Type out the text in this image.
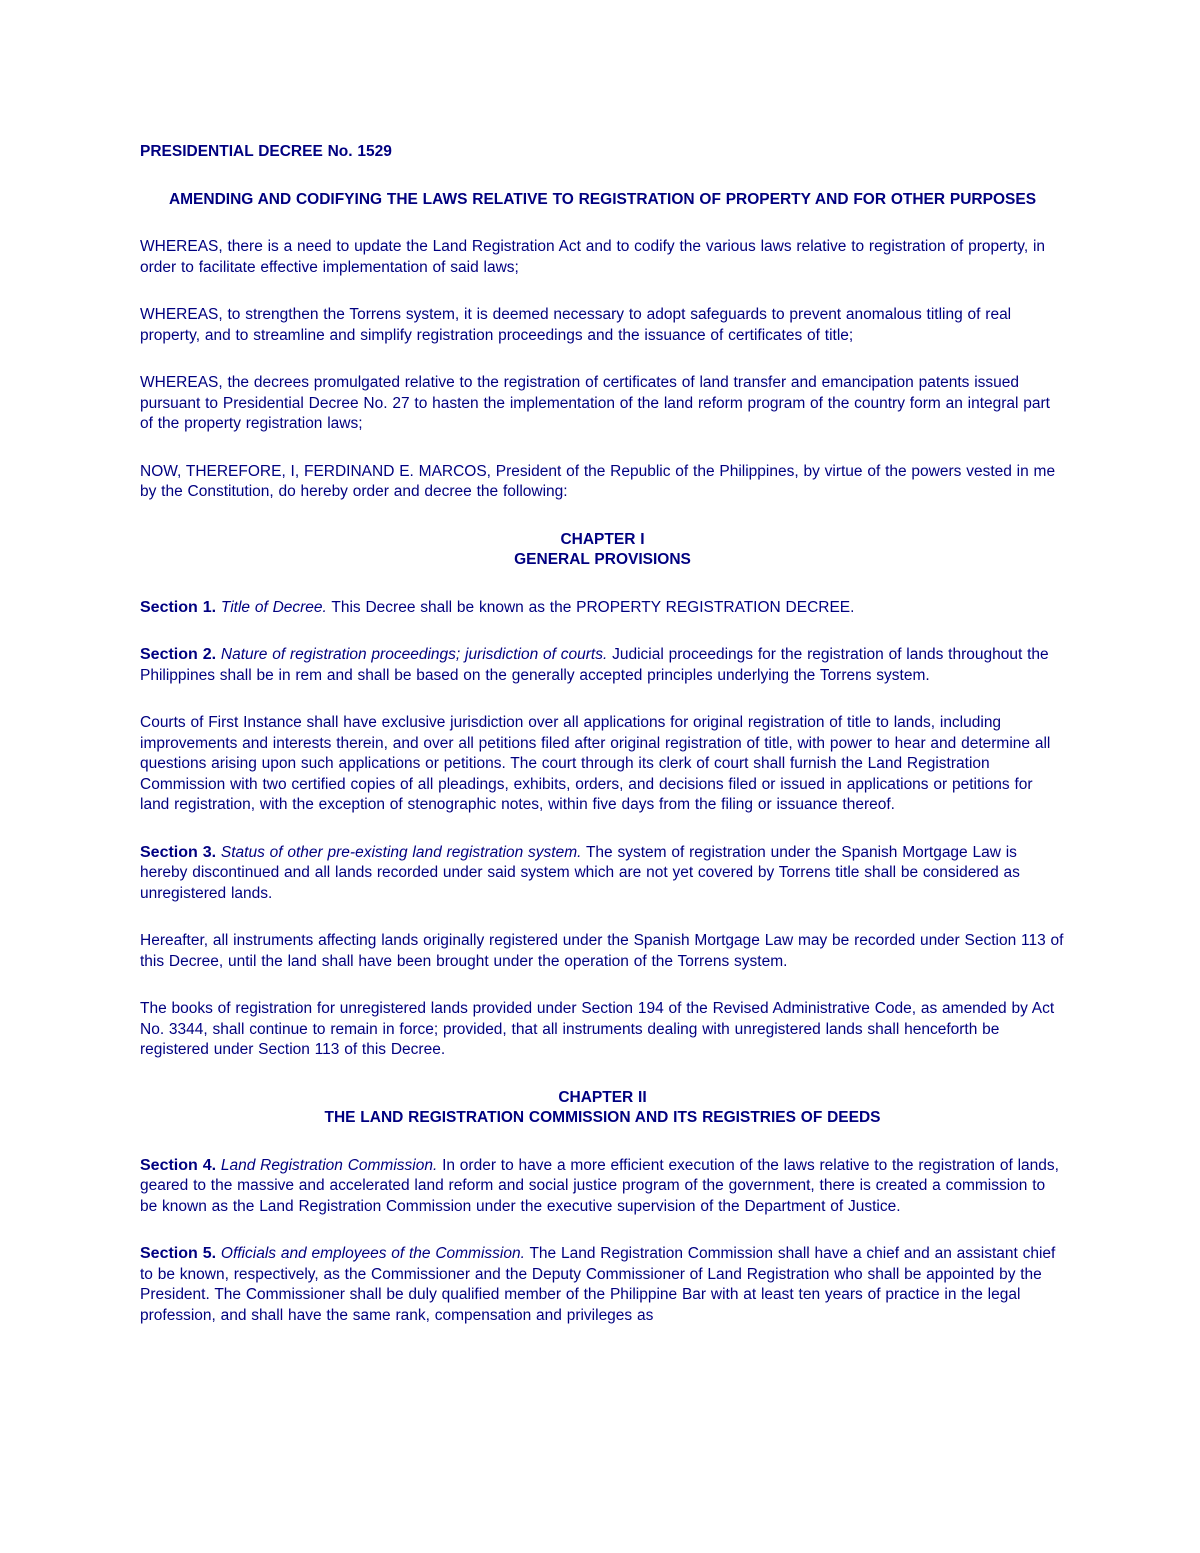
PRESIDENTIAL DECREE No. 1529
AMENDING AND CODIFYING THE LAWS RELATIVE TO REGISTRATION OF PROPERTY AND FOR OTHER PURPOSES

WHEREAS, there is a need to update the Land Registration Act and to codify the various laws relative to registration of property, in order to facilitate effective implementation of said laws;

WHEREAS, to strengthen the Torrens system, it is deemed necessary to adopt safeguards to prevent anomalous titling of real property, and to streamline and simplify registration proceedings and the issuance of certificates of title;

WHEREAS, the decrees promulgated relative to the registration of certificates of land transfer and emancipation patents issued pursuant to Presidential Decree No. 27 to hasten the implementation of the land reform program of the country form an integral part of the property registration laws;

NOW, THEREFORE, I, FERDINAND E. MARCOS, President of the Republic of the Philippines, by virtue of the powers vested in me by the Constitution, do hereby order and decree the following:

CHAPTER I
GENERAL PROVISIONS

Section 1. Title of Decree. This Decree shall be known as the PROPERTY REGISTRATION DECREE.

Section 2. Nature of registration proceedings; jurisdiction of courts. Judicial proceedings for the registration of lands throughout the Philippines shall be in rem and shall be based on the generally accepted principles underlying the Torrens system.

Courts of First Instance shall have exclusive jurisdiction over all applications for original registration of title to lands, including improvements and interests therein, and over all petitions filed after original registration of title, with power to hear and determine all questions arising upon such applications or petitions. The court through its clerk of court shall furnish the Land Registration Commission with two certified copies of all pleadings, exhibits, orders, and decisions filed or issued in applications or petitions for land registration, with the exception of stenographic notes, within five days from the filing or issuance thereof.

Section 3. Status of other pre-existing land registration system. The system of registration under the Spanish Mortgage Law is hereby discontinued and all lands recorded under said system which are not yet covered by Torrens title shall be considered as unregistered lands.

Hereafter, all instruments affecting lands originally registered under the Spanish Mortgage Law may be recorded under Section 113 of this Decree, until the land shall have been brought under the operation of the Torrens system.

The books of registration for unregistered lands provided under Section 194 of the Revised Administrative Code, as amended by Act No. 3344, shall continue to remain in force; provided, that all instruments dealing with unregistered lands shall henceforth be registered under Section 113 of this Decree.

CHAPTER II
THE LAND REGISTRATION COMMISSION AND ITS REGISTRIES OF DEEDS

Section 4. Land Registration Commission. In order to have a more efficient execution of the laws relative to the registration of lands, geared to the massive and accelerated land reform and social justice program of the government, there is created a commission to be known as the Land Registration Commission under the executive supervision of the Department of Justice.

Section 5. Officials and employees of the Commission. The Land Registration Commission shall have a chief and an assistant chief to be known, respectively, as the Commissioner and the Deputy Commissioner of Land Registration who shall be appointed by the President. The Commissioner shall be duly qualified member of the Philippine Bar with at least ten years of practice in the legal profession, and shall have the same rank, compensation and privileges as
